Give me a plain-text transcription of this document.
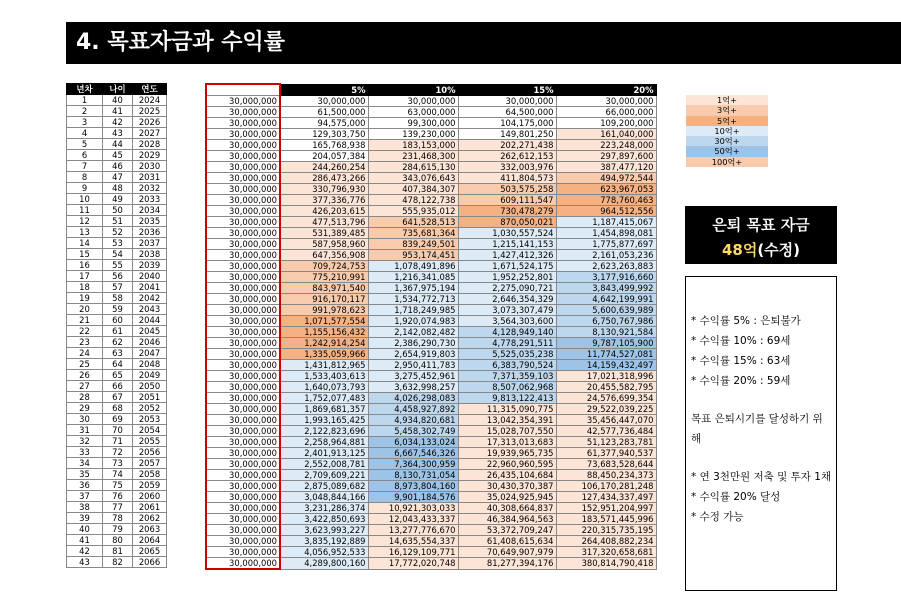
4. 목표자금과 수익률
년차	나이	연도
1	40	2024
2	41	2025
3	42	2026
4	43	2027
5	44	2028
6	45	2029
7	46	2030
8	47	2031
9	48	2032
10	49	2033
11	50	2034
12	51	2035
13	52	2036
14	53	2037
15	54	2038
16	55	2039
17	56	2040
18	57	2041
19	58	2042
20	59	2043
21	60	2044
22	61	2045
23	62	2046
24	63	2047
25	64	2048
26	65	2049
27	66	2050
28	67	2051
29	68	2052
30	69	2053
31	70	2054
32	71	2055
33	72	2056
34	73	2057
35	74	2058
36	75	2059
37	76	2060
38	77	2061
39	78	2062
40	79	2063
41	80	2064
42	81	2065
43	82	2066
투자금(원금)	5%	10%	15%	20%
30,000,000	30,000,000	30,000,000	30,000,000	30,000,000
30,000,000	61,500,000	63,000,000	64,500,000	66,000,000
30,000,000	94,575,000	99,300,000	104,175,000	109,200,000
30,000,000	129,303,750	139,230,000	149,801,250	161,040,000
30,000,000	165,768,938	183,153,000	202,271,438	223,248,000
30,000,000	204,057,384	231,468,300	262,612,153	297,897,600
30,000,000	244,260,254	284,615,130	332,003,976	387,477,120
30,000,000	286,473,266	343,076,643	411,804,573	494,972,544
30,000,000	330,796,930	407,384,307	503,575,258	623,967,053
30,000,000	377,336,776	478,122,738	609,111,547	778,760,463
30,000,000	426,203,615	555,935,012	730,478,279	964,512,556
30,000,000	477,513,796	641,528,513	870,050,021	1,187,415,067
30,000,000	531,389,485	735,681,364	1,030,557,524	1,454,898,081
30,000,000	587,958,960	839,249,501	1,215,141,153	1,775,877,697
30,000,000	647,356,908	953,174,451	1,427,412,326	2,161,053,236
30,000,000	709,724,753	1,078,491,896	1,671,524,175	2,623,263,883
30,000,000	775,210,991	1,216,341,085	1,952,252,801	3,177,916,660
30,000,000	843,971,540	1,367,975,194	2,275,090,721	3,843,499,992
30,000,000	916,170,117	1,534,772,713	2,646,354,329	4,642,199,991
30,000,000	991,978,623	1,718,249,985	3,073,307,479	5,600,639,989
30,000,000	1,071,577,554	1,920,074,983	3,564,303,600	6,750,767,986
30,000,000	1,155,156,432	2,142,082,482	4,128,949,140	8,130,921,584
30,000,000	1,242,914,254	2,386,290,730	4,778,291,511	9,787,105,900
30,000,000	1,335,059,966	2,654,919,803	5,525,035,238	11,774,527,081
30,000,000	1,431,812,965	2,950,411,783	6,383,790,524	14,159,432,497
30,000,000	1,533,403,613	3,275,452,961	7,371,359,103	17,021,318,996
30,000,000	1,640,073,793	3,632,998,257	8,507,062,968	20,455,582,795
30,000,000	1,752,077,483	4,026,298,083	9,813,122,413	24,576,699,354
30,000,000	1,869,681,357	4,458,927,892	11,315,090,775	29,522,039,225
30,000,000	1,993,165,425	4,934,820,681	13,042,354,391	35,456,447,070
30,000,000	2,122,823,696	5,458,302,749	15,028,707,550	42,577,736,484
30,000,000	2,258,964,881	6,034,133,024	17,313,013,683	51,123,283,781
30,000,000	2,401,913,125	6,667,546,326	19,939,965,735	61,377,940,537
30,000,000	2,552,008,781	7,364,300,959	22,960,960,595	73,683,528,644
30,000,000	2,709,609,221	8,130,731,054	26,435,104,684	88,450,234,373
30,000,000	2,875,089,682	8,973,804,160	30,430,370,387	106,170,281,248
30,000,000	3,048,844,166	9,901,184,576	35,024,925,945	127,434,337,497
30,000,000	3,231,286,374	10,921,303,033	40,308,664,837	152,951,204,997
30,000,000	3,422,850,693	12,043,433,337	46,384,964,563	183,571,445,996
30,000,000	3,623,993,227	13,277,776,670	53,372,709,247	220,315,735,195
30,000,000	3,835,192,889	14,635,554,337	61,408,615,634	264,408,882,234
30,000,000	4,056,952,533	16,129,109,771	70,649,907,979	317,320,658,681
30,000,000	4,289,800,160	17,772,020,748	81,277,394,176	380,814,790,418
1억+
3억+
5억+
10억+
30억+
50억+
100억+
은퇴 목표 자금
48억(수정)
* 수익률 5% : 은퇴불가
* 수익률 10% : 69세
* 수익률 15% : 63세
* 수익률 20% : 59세
목표 은퇴시기를 달성하기 위해
* 연 3천만원 저축 및 투자 1채
* 수익률 20% 달성
* 수정 가능
